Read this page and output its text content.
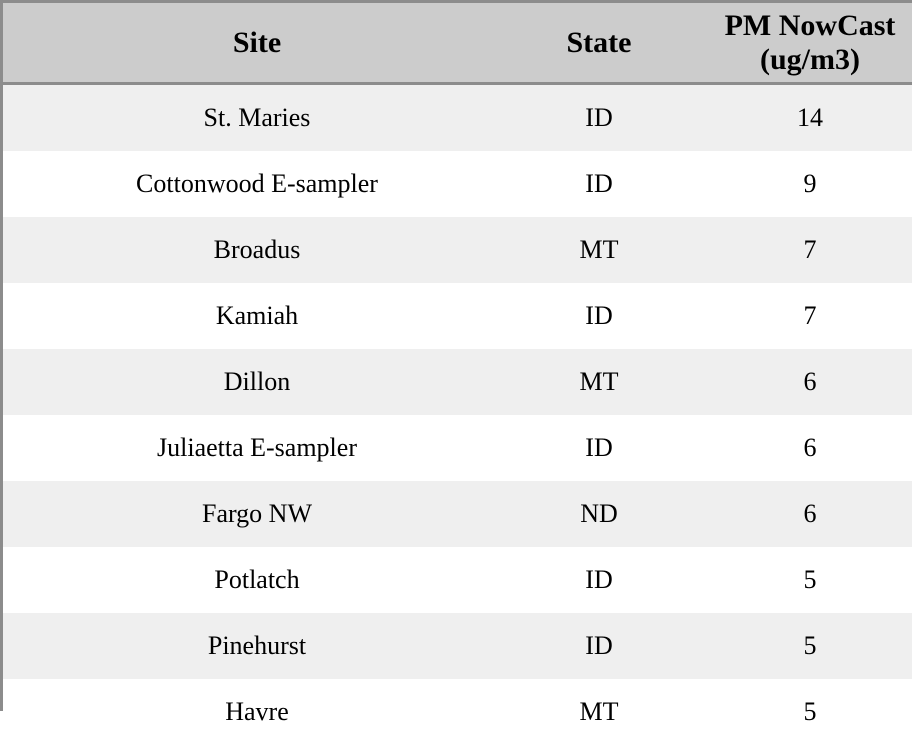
Site	State	PM NowCast (ug/m3)
St. Maries	ID	14
Cottonwood E-sampler	ID	9
Broadus	MT	7
Kamiah	ID	7
Dillon	MT	6
Juliaetta E-sampler	ID	6
Fargo NW	ND	6
Potlatch	ID	5
Pinehurst	ID	5
Havre	MT	5
